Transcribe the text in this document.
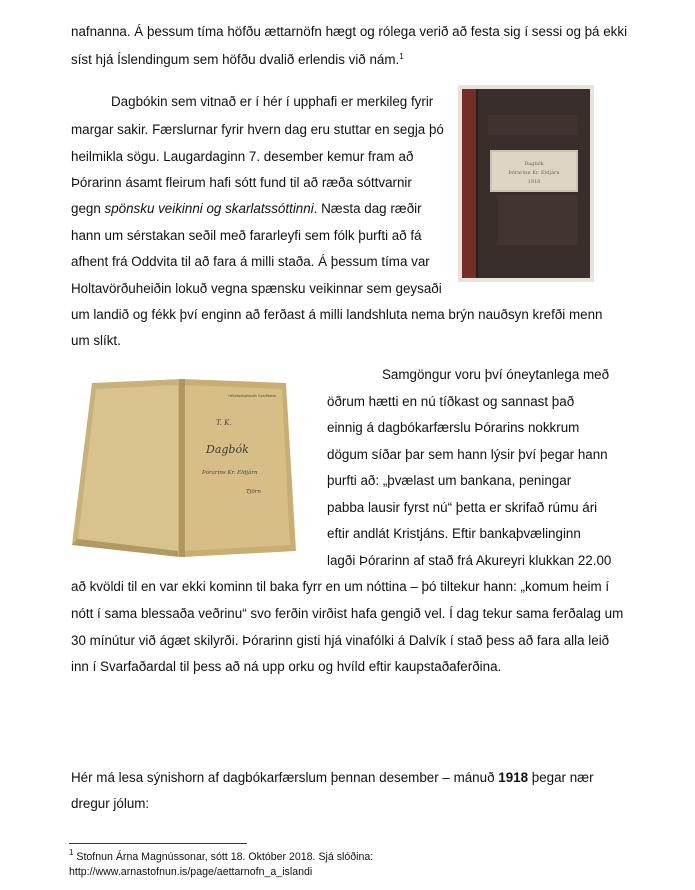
nafnanna. Á þessum tíma höfðu ættarnöfn hægt og rólega verið að festa sig í sessi og þá ekki
síst hjá Íslendingum sem höfðu dvalið erlendis við nám.$^1$
Dagbókin sem vitnað er í hér í upphafi er merkileg fyrir
margar sakir. Færslurnar fyrir hvern dag eru stuttar en segja þó
heilmikla sögu. Laugardaginn 7. desember kemur fram að
Þórarinn ásamt fleirum hafi sótt fund til að ræða sóttvarnir
gegn spönsku veikinni og skarlatssóttinni. Næsta dag ræðir
hann um sérstakan seðil með fararleyfi sem fólk þurfti að fá
afhent frá Oddvita til að fara á milli staða. Á þessum tíma var
Holtavörðuheiðin lokuð vegna spænsku veikinnar sem geysaði
um landið og fékk því enginn að ferðast á milli landshluta nema brýn nauðsyn krefði menn
um slíkt.
Dagbók
Þórarinn Kr. Eldjárn
1918
Héraðsskjalasafn Svarfdæla
T. K.
Dagbók
Þórarins Kr. Eldjárn
Tjörn
Samgöngur voru því óneytanlega með
öðrum hætti en nú tíðkast og sannast það
einnig á dagbókarfærslu Þórarins nokkrum
dögum síðar þar sem hann lýsir því þegar hann
þurfti að: „þvælast um bankana, peningar
pabba lausir fyrst nú“ þetta er skrifað rúmu ári
eftir andlát Kristjáns. Eftir bankaþvælinginn
lagði Þórarinn af stað frá Akureyri klukkan 22.00
að kvöldi til en var ekki kominn til baka fyrr en um nóttina – þó tiltekur hann: „komum heim í
nótt í sama blessaða veðrinu“ svo ferðin virðist hafa gengið vel. Í dag tekur sama ferðalag um
30 mínútur við ágæt skilyrði. Þórarinn gisti hjá vinafólki á Dalvík í stað þess að fara alla leið
inn í Svarfaðardal til þess að ná upp orku og hvíld eftir kaupstaðaferðina.
Hér má lesa sýnishorn af dagbókarfærslum þennan desember – mánuð 1918 þegar nær
dregur jólum:
$^1$ Stofnun Árna Magnússonar, sótt 18. Október 2018. Sjá slóðina:
http://www.arnastofnun.is/page/aettarnofn_a_islandi
